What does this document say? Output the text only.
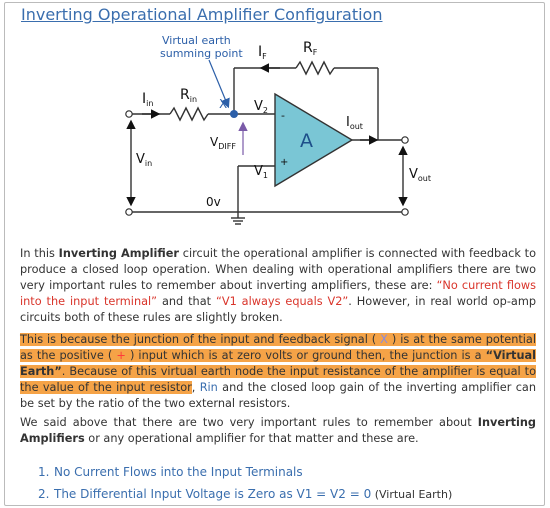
Inverting Operational Amplifier Configuration
Virtual earth
summing point $I_F$
$R_F$
$I_{in}$
$R_{in}$ X $V_2$
$V_1$
$V_{DIFF}$	A
-
+
$I_{out}$
$V_{in}$
$V_{out}$
0v

In this Inverting Amplifier circuit the operational amplifier is connected with feedback to produce a closed loop operation. When dealing with operational amplifiers there are two very important rules to remember about inverting amplifiers, these are: “No current flows into the input terminal” and that “V1 always equals V2”. However, in real world op-amp circuits both of these rules are slightly broken.

This is because the junction of the input and feedback signal ( X ) is at the same potential as the positive ( + ) input which is at zero volts or ground then, the junction is a “Virtual Earth”. Because of this virtual earth node the input resistance of the amplifier is equal to the value of the input resistor, Rin and the closed loop gain of the inverting amplifier can be set by the ratio of the two external resistors.

We said above that there are two very important rules to remember about Inverting Amplifiers or any operational amplifier for that matter and these are.

1. No Current Flows into the Input Terminals
2. The Differential Input Voltage is Zero as V1 = V2 = 0 (Virtual Earth)
